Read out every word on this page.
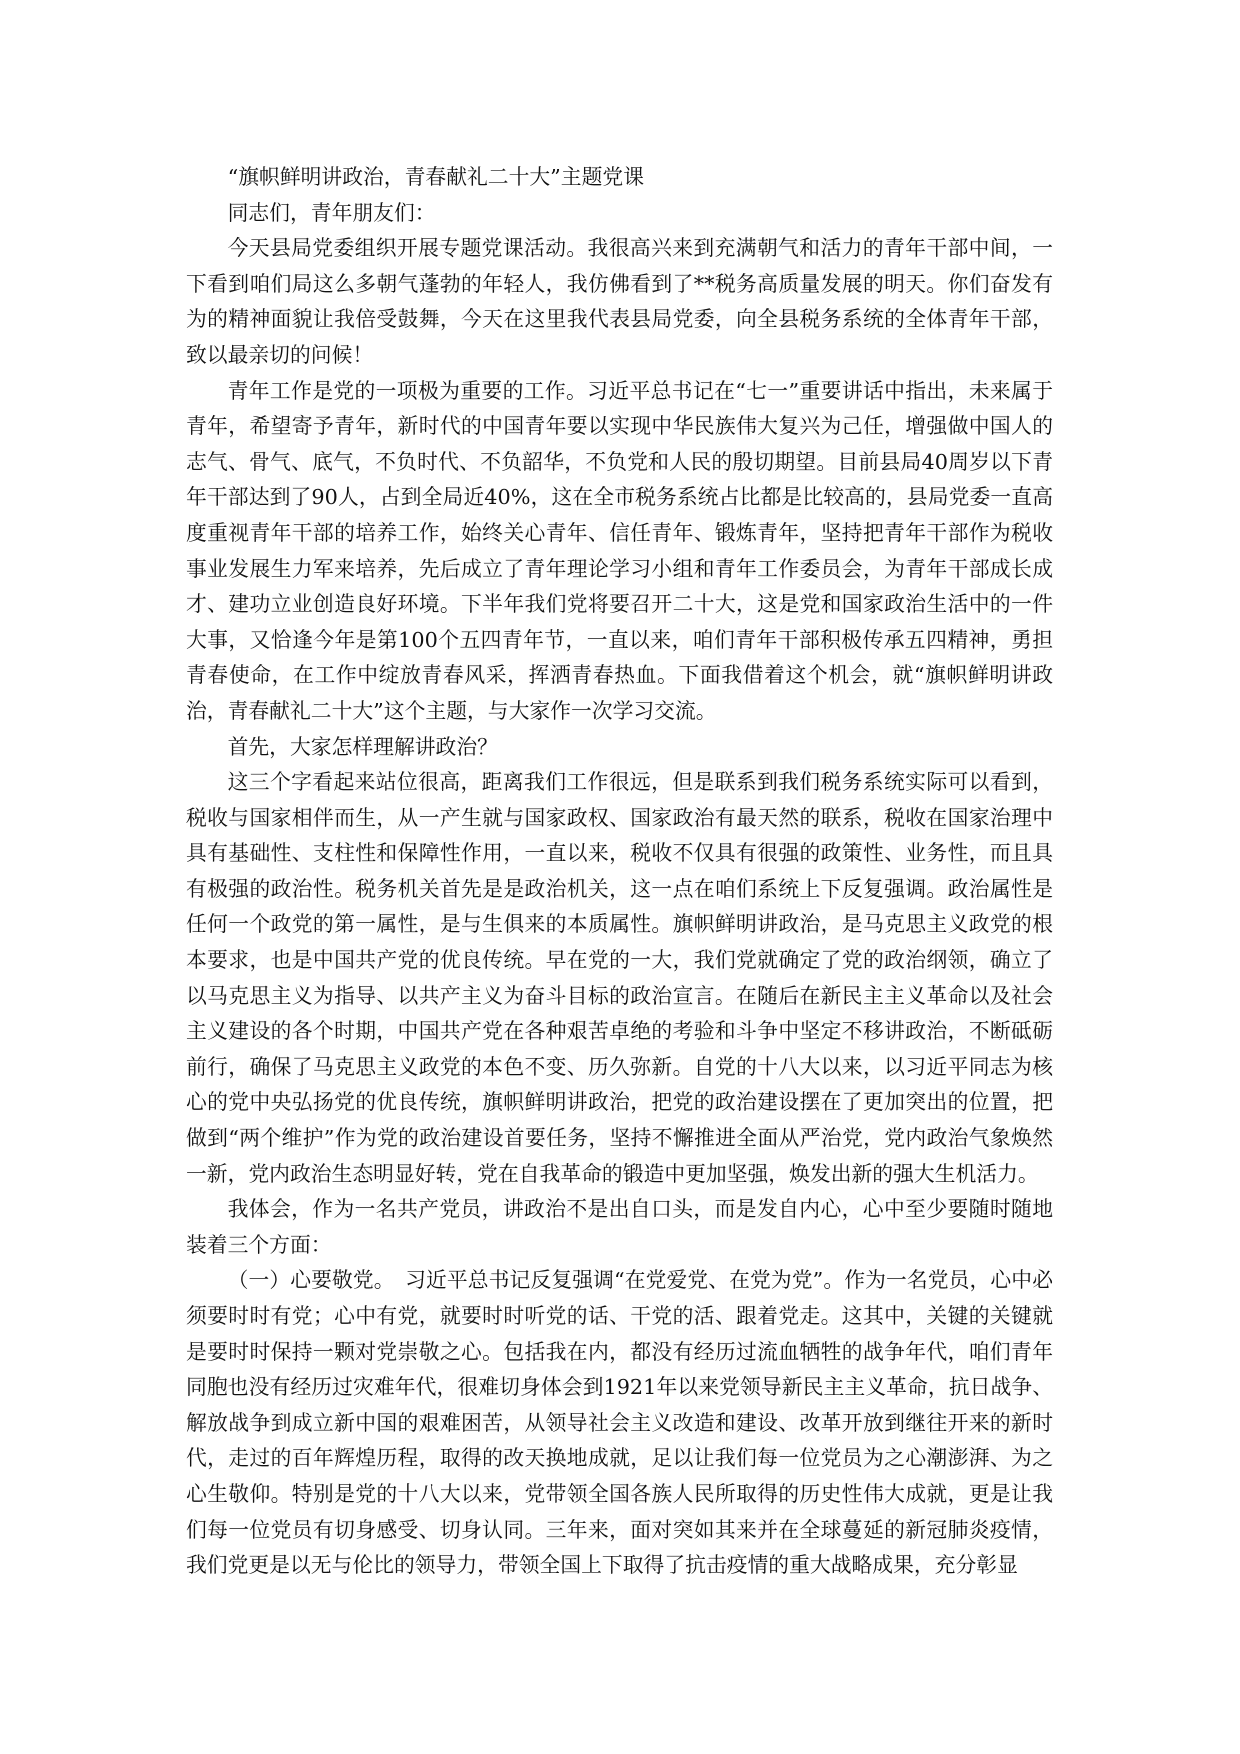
“旗帜鲜明讲政治，青春献礼二十大”主题党课

同志们，青年朋友们：

今天县局党委组织开展专题党课活动。我很高兴来到充满朝气和活力的青年干部中间，一下看到咱们局这么多朝气蓬勃的年轻人，我仿佛看到了**税务高质量发展的明天。你们奋发有为的精神面貌让我倍受鼓舞，今天在这里我代表县局党委，向全县税务系统的全体青年干部，致以最亲切的问候！

青年工作是党的一项极为重要的工作。习近平总书记在“七一”重要讲话中指出，未来属于青年，希望寄予青年，新时代的中国青年要以实现中华民族伟大复兴为己任，增强做中国人的志气、骨气、底气，不负时代、不负韶华，不负党和人民的殷切期望。目前县局40周岁以下青年干部达到了90人，占到全局近40%，这在全市税务系统占比都是比较高的，县局党委一直高度重视青年干部的培养工作，始终关心青年、信任青年、锻炼青年，坚持把青年干部作为税收事业发展生力军来培养，先后成立了青年理论学习小组和青年工作委员会，为青年干部成长成才、建功立业创造良好环境。下半年我们党将要召开二十大，这是党和国家政治生活中的一件大事，又恰逢今年是第100个五四青年节，一直以来，咱们青年干部积极传承五四精神，勇担青春使命，在工作中绽放青春风采，挥洒青春热血。下面我借着这个机会，就“旗帜鲜明讲政治，青春献礼二十大”这个主题，与大家作一次学习交流。

首先，大家怎样理解讲政治？

这三个字看起来站位很高，距离我们工作很远，但是联系到我们税务系统实际可以看到，税收与国家相伴而生，从一产生就与国家政权、国家政治有最天然的联系，税收在国家治理中具有基础性、支柱性和保障性作用，一直以来，税收不仅具有很强的政策性、业务性，而且具有极强的政治性。税务机关首先是是政治机关，这一点在咱们系统上下反复强调。政治属性是任何一个政党的第一属性，是与生俱来的本质属性。旗帜鲜明讲政治，是马克思主义政党的根本要求，也是中国共产党的优良传统。早在党的一大，我们党就确定了党的政治纲领，确立了以马克思主义为指导、以共产主义为奋斗目标的政治宣言。在随后在新民主主义革命以及社会主义建设的各个时期，中国共产党在各种艰苦卓绝的考验和斗争中坚定不移讲政治，不断砥砺前行，确保了马克思主义政党的本色不变、历久弥新。自党的十八大以来，以习近平同志为核心的党中央弘扬党的优良传统，旗帜鲜明讲政治，把党的政治建设摆在了更加突出的位置，把做到“两个维护”作为党的政治建设首要任务，坚持不懈推进全面从严治党，党内政治气象焕然一新，党内政治生态明显好转，党在自我革命的锻造中更加坚强，焕发出新的强大生机活力。

我体会，作为一名共产党员，讲政治不是出自口头，而是发自内心，心中至少要随时随地装着三个方面：

（一）心要敬党。　习近平总书记反复强调“在党爱党、在党为党”。作为一名党员，心中必须要时时有党；心中有党，就要时时听党的话、干党的活、跟着党走。这其中，关键的关键就是要时时保持一颗对党崇敬之心。包括我在内，都没有经历过流血牺牲的战争年代，咱们青年同胞也没有经历过灾难年代，很难切身体会到1921年以来党领导新民主主义革命，抗日战争、解放战争到成立新中国的艰难困苦，从领导社会主义改造和建设、改革开放到继往开来的新时代，走过的百年辉煌历程，取得的改天换地成就，足以让我们每一位党员为之心潮澎湃、为之心生敬仰。特别是党的十八大以来，党带领全国各族人民所取得的历史性伟大成就，更是让我们每一位党员有切身感受、切身认同。三年来，面对突如其来并在全球蔓延的新冠肺炎疫情，我们党更是以无与伦比的领导力，带领全国上下取得了抗击疫情的重大战略成果，充分彰显
